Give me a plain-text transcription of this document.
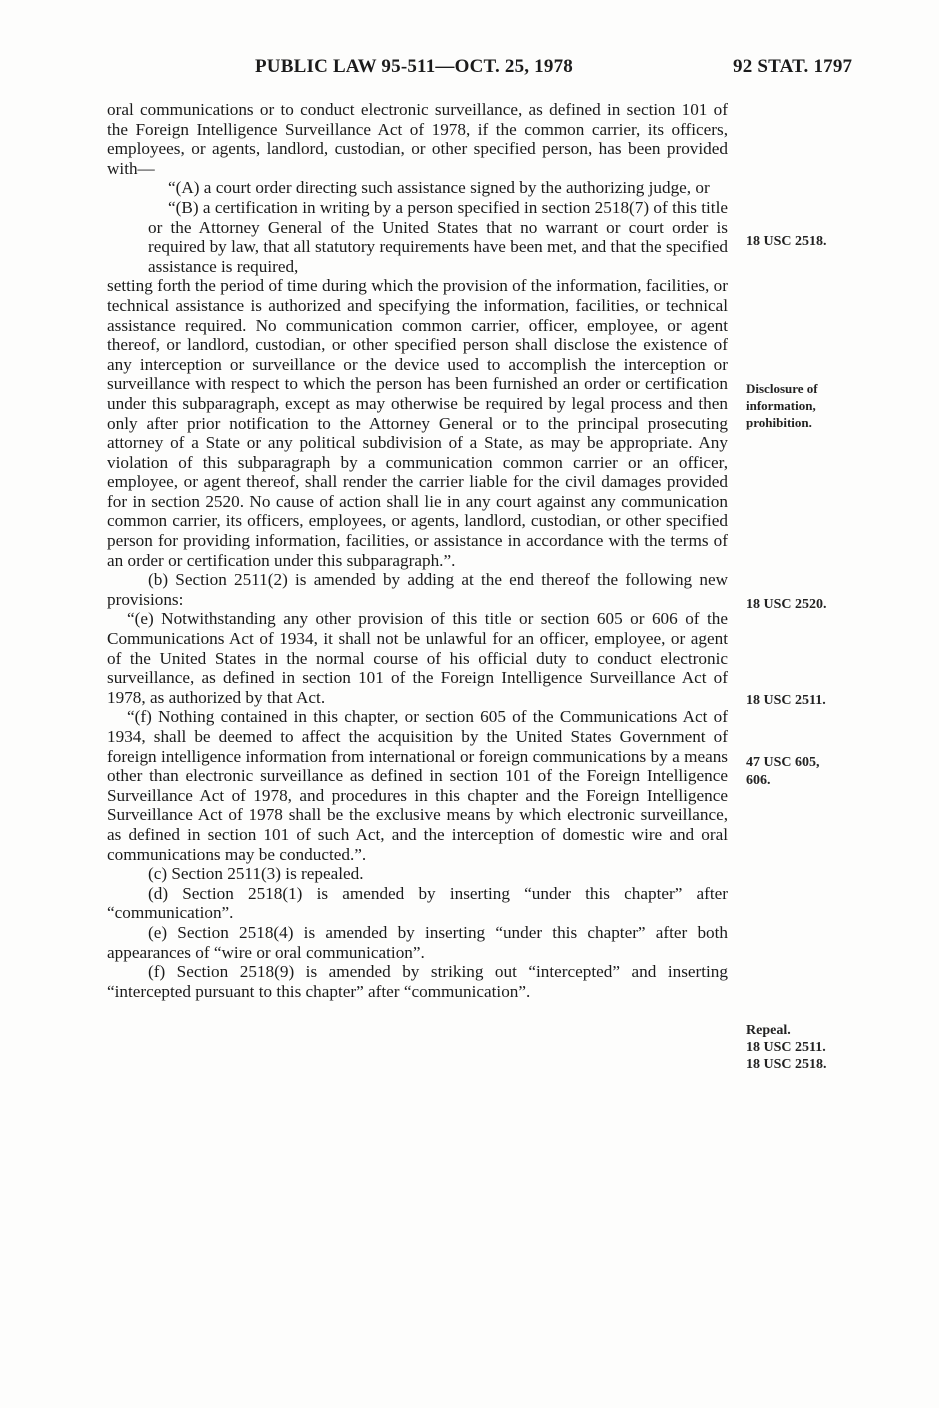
PUBLIC LAW 95-511—OCT. 25, 1978	92 STAT. 1797

oral communications or to conduct electronic surveillance, as defined in section 101 of the Foreign Intelligence Surveillance Act of 1978, if the common carrier, its officers, employees, or agents, landlord, custodian, or other specified person, has been provided with—

“(A) a court order directing such assistance signed by the authorizing judge, or

“(B) a certification in writing by a person specified in section 2518(7) of this title or the Attorney General of the United States that no warrant or court order is required by law, that all statutory requirements have been met, and that the specified assistance is required,

setting forth the period of time during which the provision of the information, facilities, or technical assistance is authorized and specifying the information, facilities, or technical assistance required. No communication common carrier, officer, employee, or agent thereof, or landlord, custodian, or other specified person shall disclose the existence of any interception or surveillance or the device used to accomplish the interception or surveillance with respect to which the person has been furnished an order or certification under this subparagraph, except as may otherwise be required by legal process and then only after prior notification to the Attorney General or to the principal prosecuting attorney of a State or any political subdivision of a State, as may be appropriate. Any violation of this subparagraph by a communication common carrier or an officer, employee, or agent thereof, shall render the carrier liable for the civil damages provided for in section 2520. No cause of action shall lie in any court against any communication common carrier, its officers, employees, or agents, landlord, custodian, or other specified person for providing information, facilities, or assistance in accordance with the terms of an order or certification under this subparagraph.”.

(b) Section 2511(2) is amended by adding at the end thereof the following new provisions:

“(e) Notwithstanding any other provision of this title or section 605 or 606 of the Communications Act of 1934, it shall not be unlawful for an officer, employee, or agent of the United States in the normal course of his official duty to conduct electronic surveillance, as defined in section 101 of the Foreign Intelligence Surveillance Act of 1978, as authorized by that Act.

“(f) Nothing contained in this chapter, or section 605 of the Communications Act of 1934, shall be deemed to affect the acquisition by the United States Government of foreign intelligence information from international or foreign communications by a means other than electronic surveillance as defined in section 101 of the Foreign Intelligence Surveillance Act of 1978, and procedures in this chapter and the Foreign Intelligence Surveillance Act of 1978 shall be the exclusive means by which electronic surveillance, as defined in section 101 of such Act, and the interception of domestic wire and oral communications may be conducted.”.

(c) Section 2511(3) is repealed.

(d) Section 2518(1) is amended by inserting “under this chapter” after “communication”.

(e) Section 2518(4) is amended by inserting “under this chapter” after both appearances of “wire or oral communication”.

(f) Section 2518(9) is amended by striking out “intercepted” and inserting “intercepted pursuant to this chapter” after “communication”.

18 USC 2518.
Disclosure of
information,
prohibition.
18 USC 2520.
18 USC 2511.
47 USC 605,
606.
Repeal.
18 USC 2511.
18 USC 2518.
